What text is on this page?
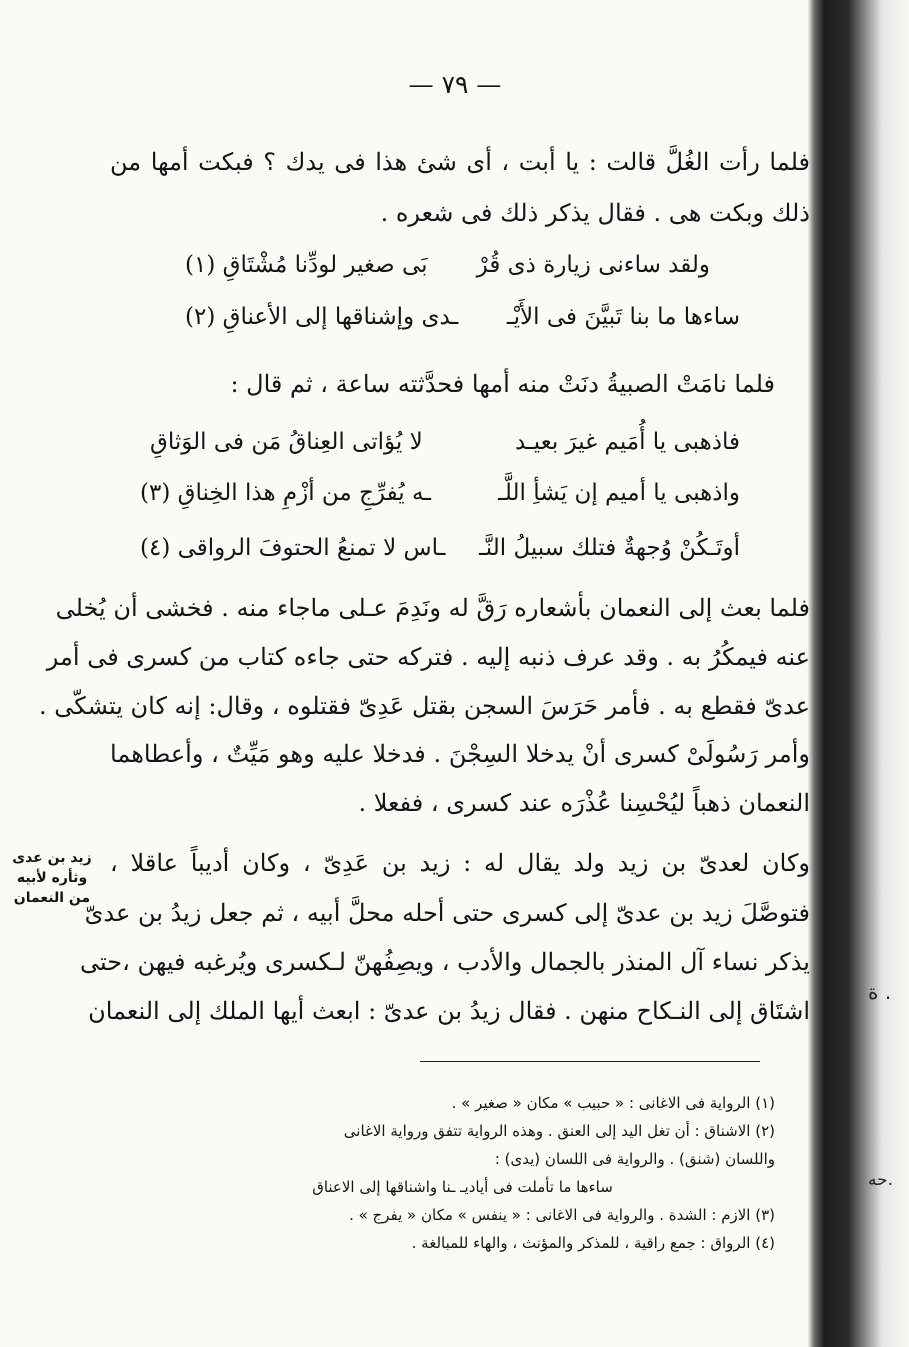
ة .
حه.
— ٧٩ —
فلما رأت الغُلَّ قالت : يا أبت ، أى شئ هذا فى يدك ؟ فبكت أمها من
ذلك وبكت هى . فقال يذكر ذلك فى شعره .
ولقد ساءنى زيارة ذى قُرْ
بَى صغير لودِّنا مُشْتَاقِ (١)
ساءها ما بنا تَبيَّنَ فى الأَيْـ
ـدى وإشناقها إلى الأعناقِ (٢)
فلما نامَتْ الصبيةُ دنَتْ منه أمها فحدَّثته ساعة ، ثم قال :
فاذهبى يا أُمَيم غيرَ بعيـد
لا يُؤاتى العِناقُ مَن فى الوَثاقِ
واذهبى يا أميم إن يَشأِ اللَّـ
ـه يُفرِّجِ من أزْمِ هذا الخِناقِ (٣)
أوتَـكُنْ وُجهةٌ فتلك سبيلُ النَّـ
ـاس لا تمنعُ الحتوفَ الرواقى (٤)
فلما بعث إلى النعمان بأشعاره رَقَّ له ونَدِمَ عـلى ماجاء منه . فخشى أن يُخلى
عنه فيمكُرُ به . وقد عرف ذنبه إليه . فتركه حتى جاءه كتاب من كسرى فى أمر
عدىّ فقطع به . فأمر حَرَسَ السجن بقتل عَدِىّ فقتلوه ، وقال: إنه كان يتشكّى .
وأمر رَسُولَىْ كسرى أنْ يدخلا السِجْنَ . فدخلا عليه وهو مَيِّتٌ ، وأعطاهما
النعمان ذهباً ليُحْسِنا عُذْرَه عند كسرى ، ففعلا .
وكان لعدىّ بن زيد ولد يقال له : زيد بن عَدِىّ ، وكان أديباً عاقلا ،
فتوصَّلَ زيد بن عدىّ إلى كسرى حتى أحله محلَّ أبيه ، ثم جعل زيدُ بن عدىّ
يذكر نساء آل المنذر بالجمال والأدب ، ويصِفُهنّ لـكسرى ويُرغبه فيهن ،حتى
اشتَاق إلى النـكاح منهن . فقال زيدُ بن عدىّ : ابعث أيها الملك إلى النعمان
زيد بن عدى
وثأره لأبيه
من النعمان
(١) الرواية فى الاغانى : « حبيب » مكان « صغير » .
(٢) الاشناق : أن تغل اليد إلى العنق . وهذه الرواية تتفق ورواية الاغانى
واللسان (شنق) . والرواية فى اللسان (يدى) :
ساءها ما تأملت فى أياديـ ـنا واشناقها إلى الاعناق
(٣) الازم : الشدة . والرواية فى الاغانى : « ينفس » مكان « يفرج » .
(٤) الرواق : جمع راقية ، للمذكر والمؤنث ، والهاء للمبالغة .
